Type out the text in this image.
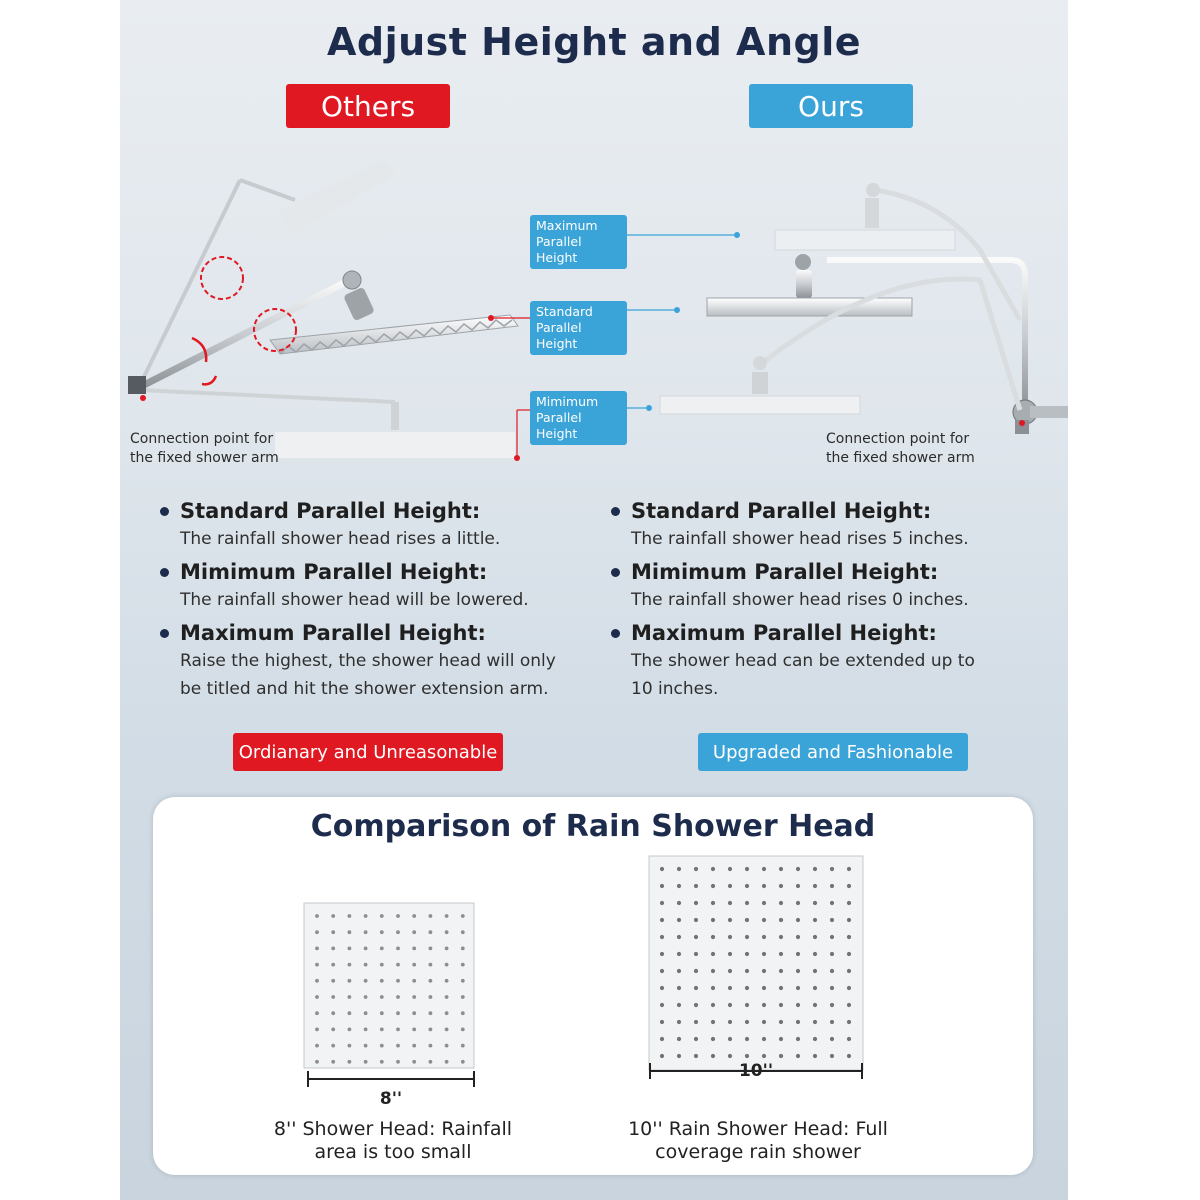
Adjust Height and Angle
Others	Ours
Maximum Parallel Height
Standard Parallel Height
Mimimum Parallel Height
Connection point for
the fixed shower arm
Connection point for
the fixed shower arm
Standard Parallel Height:
The rainfall shower head rises a little.
Mimimum Parallel Height:
The rainfall shower head will be lowered.
Maximum Parallel Height:
Raise the highest, the shower head will only
be titled and hit the shower extension arm.
Standard Parallel Height:
The rainfall shower head rises 5 inches.
Mimimum Parallel Height:
The rainfall shower head rises 0 inches.
Maximum Parallel Height:
The shower head can be extended up to
10 inches.
Ordianary and Unreasonable	Upgraded and Fashionable
Comparison of Rain Shower Head
8''
8'' Shower Head: Rainfall
area is too small
10''
10'' Rain Shower Head: Full
coverage rain shower
